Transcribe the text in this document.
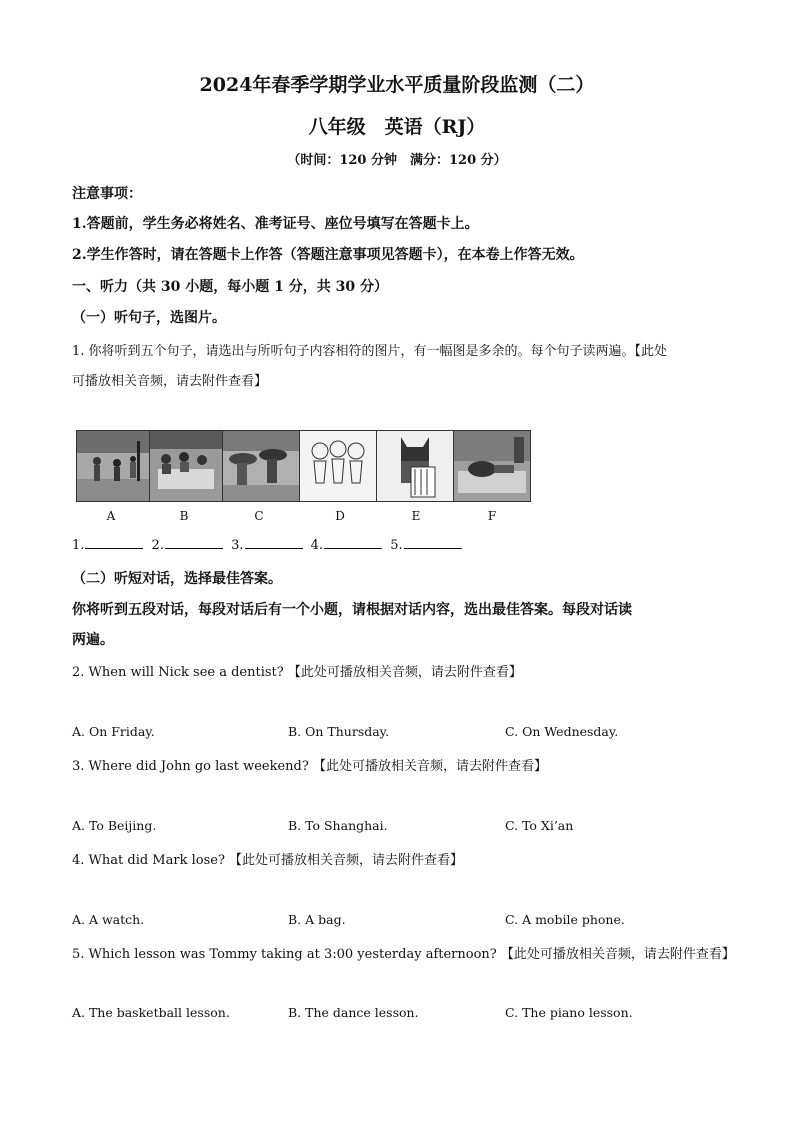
2024年春季学期学业水平质量阶段监测（二）
八年级　英语（RJ）
（时间：120 分钟　满分：120 分）
注意事项：
1.答题前，学生务必将姓名、准考证号、座位号填写在答题卡上。
2.学生作答时，请在答题卡上作答（答题注意事项见答题卡），在本卷上作答无效。
一、听力（共 30 小题，每小题 1 分，共 30 分）
（一）听句子，选图片。
1. 你将听到五个句子，请选出与所听句子内容相符的图片，有一幅图是多余的。每个句子读两遍。【此处
可播放相关音频，请去附件查看】
A	B	C	D	E	F
1.	2.	3.	4.	5.
（二）听短对话，选择最佳答案。
你将听到五段对话，每段对话后有一个小题，请根据对话内容，选出最佳答案。每段对话读
两遍。
2. When will Nick see a dentist? 【此处可播放相关音频，请去附件查看】
A. On Friday.	B. On Thursday.	C. On Wednesday.
3. Where did John go last weekend? 【此处可播放相关音频，请去附件查看】
A. To Beijing.	B. To Shanghai.	C. To Xi’an
4. What did Mark lose? 【此处可播放相关音频，请去附件查看】
A. A watch.	B. A bag.	C. A mobile phone.
5. Which lesson was Tommy taking at 3:00 yesterday afternoon? 【此处可播放相关音频，请去附件查看】
A. The basketball lesson.	B. The dance lesson.	C. The piano lesson.
